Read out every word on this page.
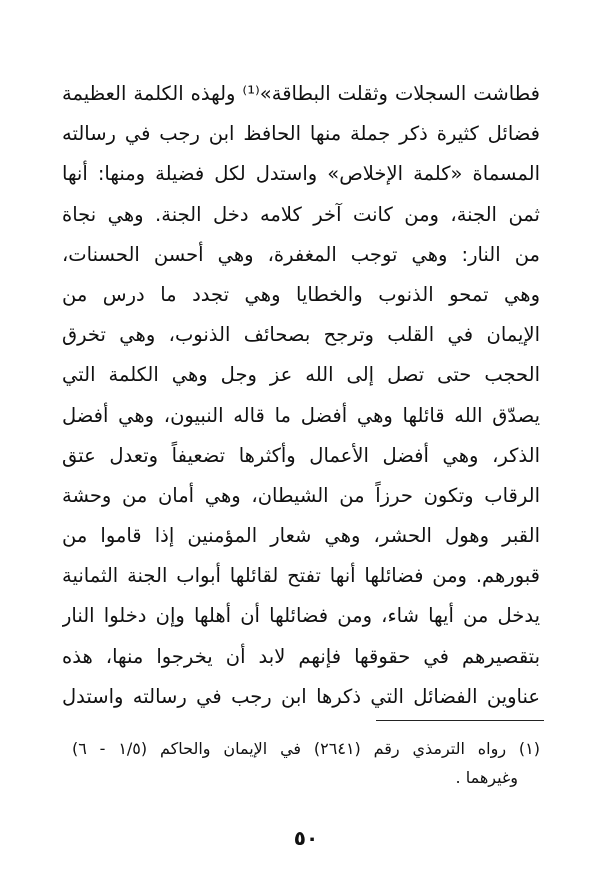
فطاشت السجلات وثقلت البطاقة»⁽¹⁾ ولهذه الكلمة العظيمة
فضائل كثيرة ذكر جملة منها الحافظ ابن رجب في رسالته
المسماة «كلمة الإخلاص» واستدل لكل فضيلة ومنها: أنها
ثمن الجنة، ومن كانت آخر كلامه دخل الجنة. وهي نجاة
من النار: وهي توجب المغفرة، وهي أحسن الحسنات،
وهي تمحو الذنوب والخطايا وهي تجدد ما درس من
الإيمان في القلب وترجح بصحائف الذنوب، وهي تخرق
الحجب حتى تصل إلى الله عز وجل وهي الكلمة التي
يصدّق الله قائلها وهي أفضل ما قاله النبيون، وهي أفضل
الذكر، وهي أفضل الأعمال وأكثرها تضعيفاً وتعدل عتق
الرقاب وتكون حرزاً من الشيطان، وهي أمان من وحشة
القبر وهول الحشر، وهي شعار المؤمنين إذا قاموا من
قبورهم. ومن فضائلها أنها تفتح لقائلها أبواب الجنة الثمانية
يدخل من أيها شاء، ومن فضائلها أن أهلها وإن دخلوا النار
بتقصيرهم في حقوقها فإنهم لابد أن يخرجوا منها، هذه
عناوين الفضائل التي ذكرها ابن رجب في رسالته واستدل
(١) رواه الترمذي رقم (٢٦٤١) في الإيمان والحاكم (١/٥ - ٦)
وغيرهما .
٥٠
